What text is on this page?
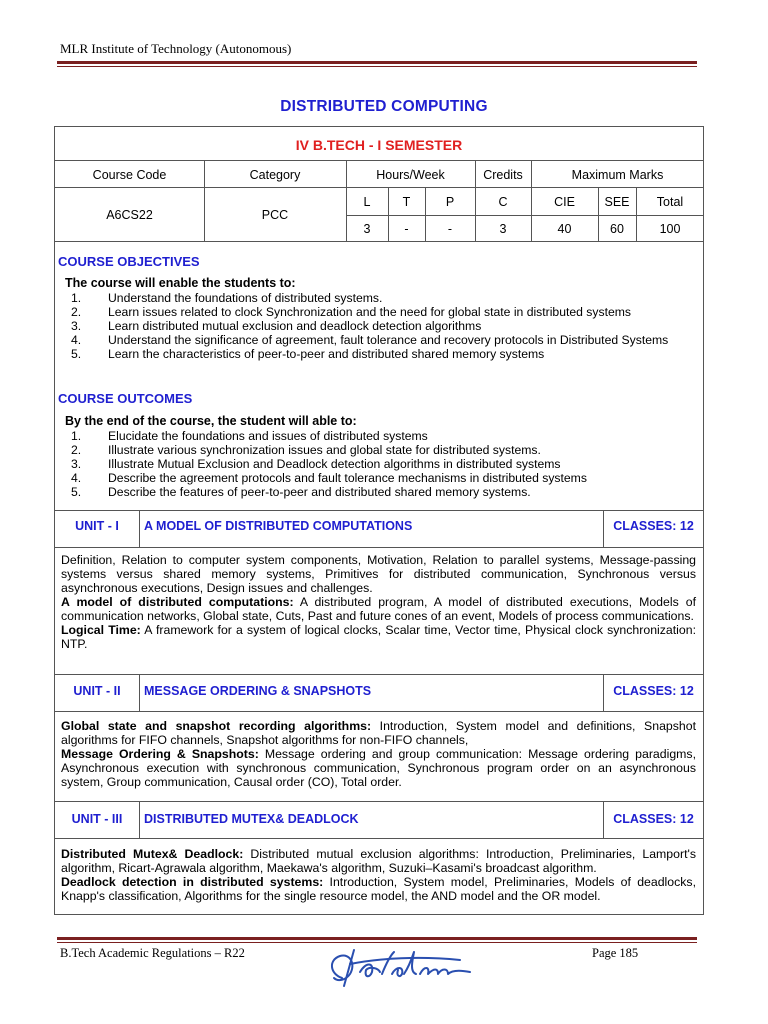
MLR Institute of Technology (Autonomous)
DISTRIBUTED COMPUTING
IV B.TECH - I SEMESTER
Course Code	Category	Hours/Week	Credits	Maximum Marks
A6CS22	PCC
L	T	P	C	CIE	SEE	Total
3	-	-	3	40	60	100
COURSE OBJECTIVES
The course will enable the students to:
1.	Understand the foundations of distributed systems.
2.	Learn issues related to clock Synchronization and the need for global state in distributed systems
3.	Learn distributed mutual exclusion and deadlock detection algorithms
4.	Understand the significance of agreement, fault tolerance and recovery protocols in Distributed Systems
5.	Learn the characteristics of peer-to-peer and distributed shared memory systems
COURSE OUTCOMES
By the end of the course, the student will able to:
1.	Elucidate the foundations and issues of distributed systems
2.	Illustrate various synchronization issues and global state for distributed systems.
3.	Illustrate Mutual Exclusion and Deadlock detection algorithms in distributed systems
4.	Describe the agreement protocols and fault tolerance mechanisms in distributed systems
5.	Describe the features of peer-to-peer and distributed shared memory systems.
UNIT - I	A MODEL OF DISTRIBUTED COMPUTATIONS	CLASSES: 12
Definition, Relation to computer system components, Motivation, Relation to parallel systems, Message-passing systems versus shared memory systems, Primitives for distributed communication, Synchronous versus asynchronous executions, Design issues and challenges.
A model of distributed computations: A distributed program, A model of distributed executions, Models of communication networks, Global state, Cuts, Past and future cones of an event, Models of process communications.
Logical Time: A framework for a system of logical clocks, Scalar time, Vector time, Physical clock synchronization: NTP.
UNIT - II	MESSAGE ORDERING & SNAPSHOTS	CLASSES: 12
Global state and snapshot recording algorithms: Introduction, System model and definitions, Snapshot algorithms for FIFO channels, Snapshot algorithms for non-FIFO channels,
Message Ordering & Snapshots: Message ordering and group communication: Message ordering paradigms, Asynchronous execution with synchronous communication, Synchronous program order on an asynchronous system, Group communication, Causal order (CO), Total order.
UNIT - III	DISTRIBUTED MUTEX& DEADLOCK	CLASSES: 12
Distributed Mutex& Deadlock: Distributed mutual exclusion algorithms: Introduction, Preliminaries, Lamport's algorithm, Ricart-Agrawala algorithm, Maekawa's algorithm, Suzuki–Kasami's broadcast algorithm.
Deadlock detection in distributed systems: Introduction, System model, Preliminaries, Models of deadlocks, Knapp's classification, Algorithms for the single resource model, the AND model and the OR model.
B.Tech Academic Regulations – R22	Page 185
